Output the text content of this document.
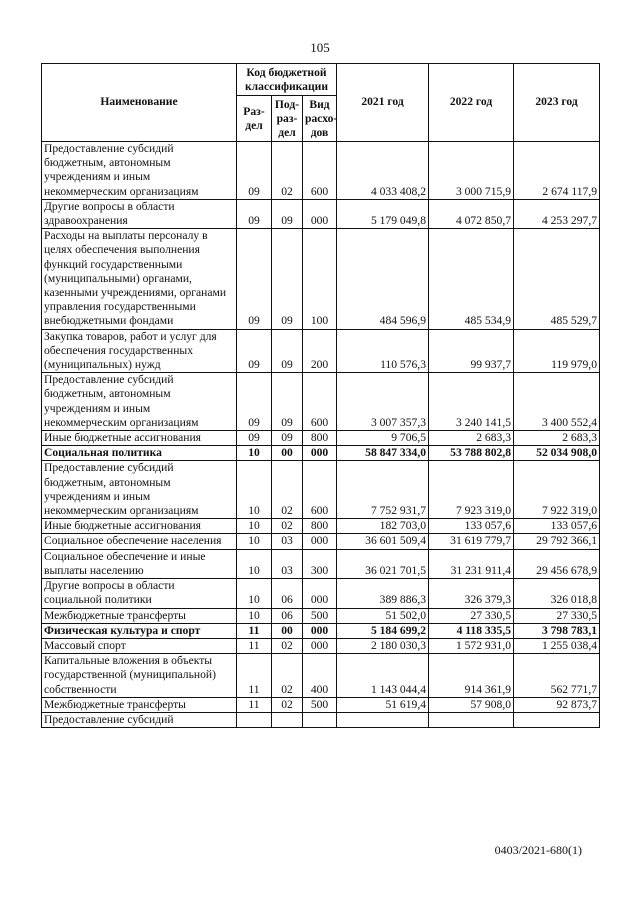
105
Наименование	Код бюджетной классификации			2021 год	2022 год	2023 год
	Раз-дел	Под-раз-дел	Вид расхо-дов			
Предоставление субсидий бюджетным, автономным учреждениям и иным некоммерческим организациям	09	02	600	4 033 408,2	3 000 715,9	2 674 117,9
Другие вопросы в области здравоохранения	09	09	000	5 179 049,8	4 072 850,7	4 253 297,7
Расходы на выплаты персоналу в целях обеспечения выполнения функций государственными (муниципальными) органами, казенными учреждениями, органами управления государственными внебюджетными фондами	09	09	100	484 596,9	485 534,9	485 529,7
Закупка товаров, работ и услуг для обеспечения государственных (муниципальных) нужд	09	09	200	110 576,3	99 937,7	119 979,0
Предоставление субсидий бюджетным, автономным учреждениям и иным некоммерческим организациям	09	09	600	3 007 357,3	3 240 141,5	3 400 552,4
Иные бюджетные ассигнования	09	09	800	9 706,5	2 683,3	2 683,3
Социальная политика	10	00	000	58 847 334,0	53 788 802,8	52 034 908,0
Предоставление субсидий бюджетным, автономным учреждениям и иным некоммерческим организациям	10	02	600	7 752 931,7	7 923 319,0	7 922 319,0
Иные бюджетные ассигнования	10	02	800	182 703,0	133 057,6	133 057,6
Социальное обеспечение населения	10	03	000	36 601 509,4	31 619 779,7	29 792 366,1
Социальное обеспечение и иные выплаты населению	10	03	300	36 021 701,5	31 231 911,4	29 456 678,9
Другие вопросы в области социальной политики	10	06	000	389 886,3	326 379,3	326 018,8
Межбюджетные трансферты	10	06	500	51 502,0	27 330,5	27 330,5
Физическая культура и спорт	11	00	000	5 184 699,2	4 118 335,5	3 798 783,1
Массовый спорт	11	02	000	2 180 030,3	1 572 931,0	1 255 038,4
Капитальные вложения в объекты государственной (муниципальной) собственности	11	02	400	1 143 044,4	914 361,9	562 771,7
Межбюджетные трансферты	11	02	500	51 619,4	57 908,0	92 873,7
Предоставление субсидий						
0403/2021-680(1)
